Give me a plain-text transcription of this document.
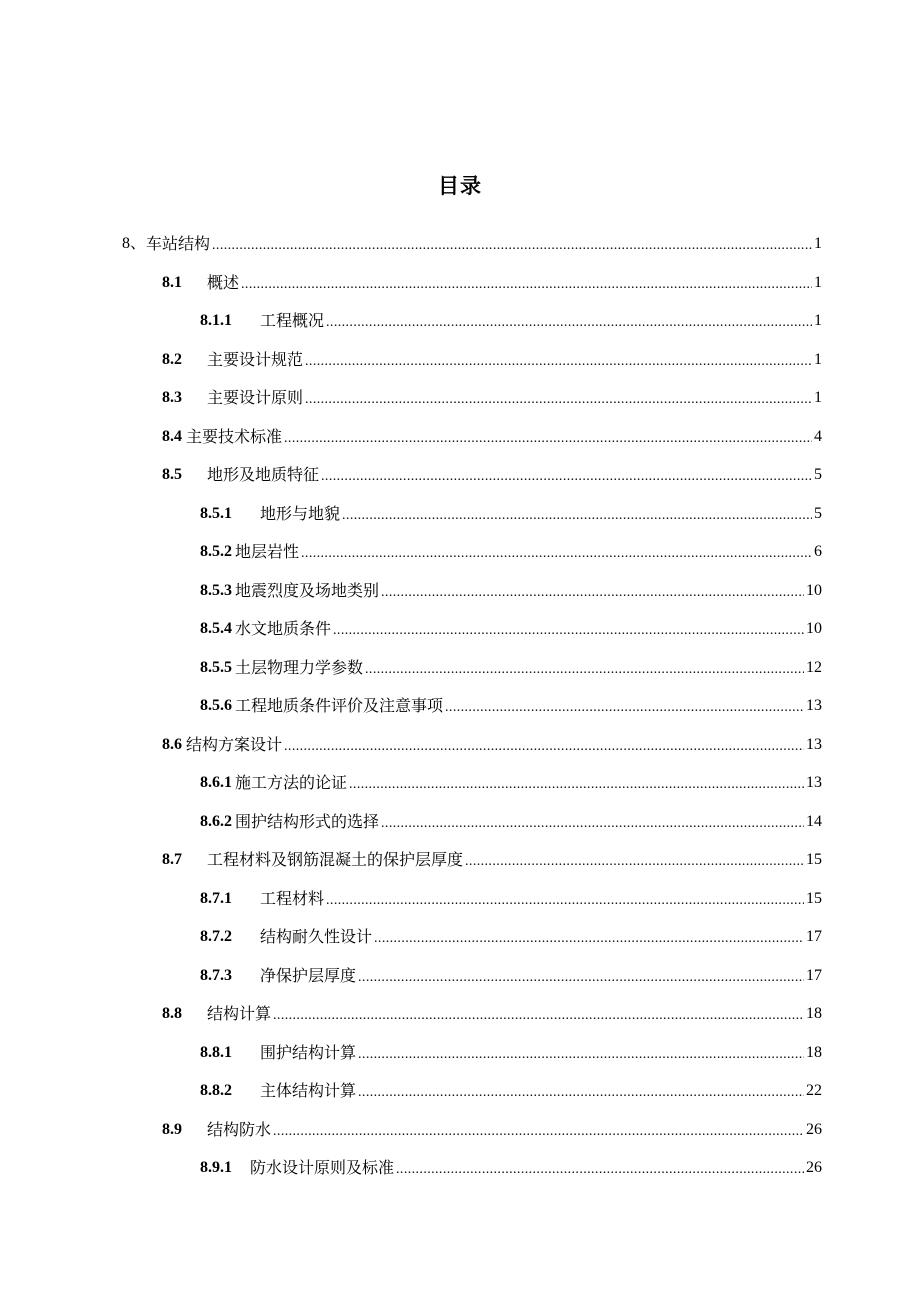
目录
8、 车站结构 .....	1
8.1	概述 .....	1
8.1.1	工程概况 .....	1
8.2	主要设计规范 .....	1
8.3	主要设计原则 .....	1
8.4 主要技术标准 .....	4
8.5	地形及地质特征 .....	5
8.5.1	地形与地貌 .....	5
8.5.2 地层岩性 .....	6
8.5.3 地震烈度及场地类别 .....	10
8.5.4 水文地质条件 .....	10
8.5.5 土层物理力学参数 .....	12
8.5.6 工程地质条件评价及注意事项 .....	13
8.6 结构方案设计 .....	13
8.6.1 施工方法的论证 .....	13
8.6.2 围护结构形式的选择 .....	14
8.7	工程材料及钢筋混凝土的保护层厚度 .....	15
8.7.1	工程材料 .....	15
8.7.2	结构耐久性设计 .....	17
8.7.3	净保护层厚度 .....	17
8.8	结构计算 .....	18
8.8.1	围护结构计算 .....	18
8.8.2	主体结构计算 .....	22
8.9	结构防水 .....	26
8.9.1	防水设计原则及标准 .....	26
